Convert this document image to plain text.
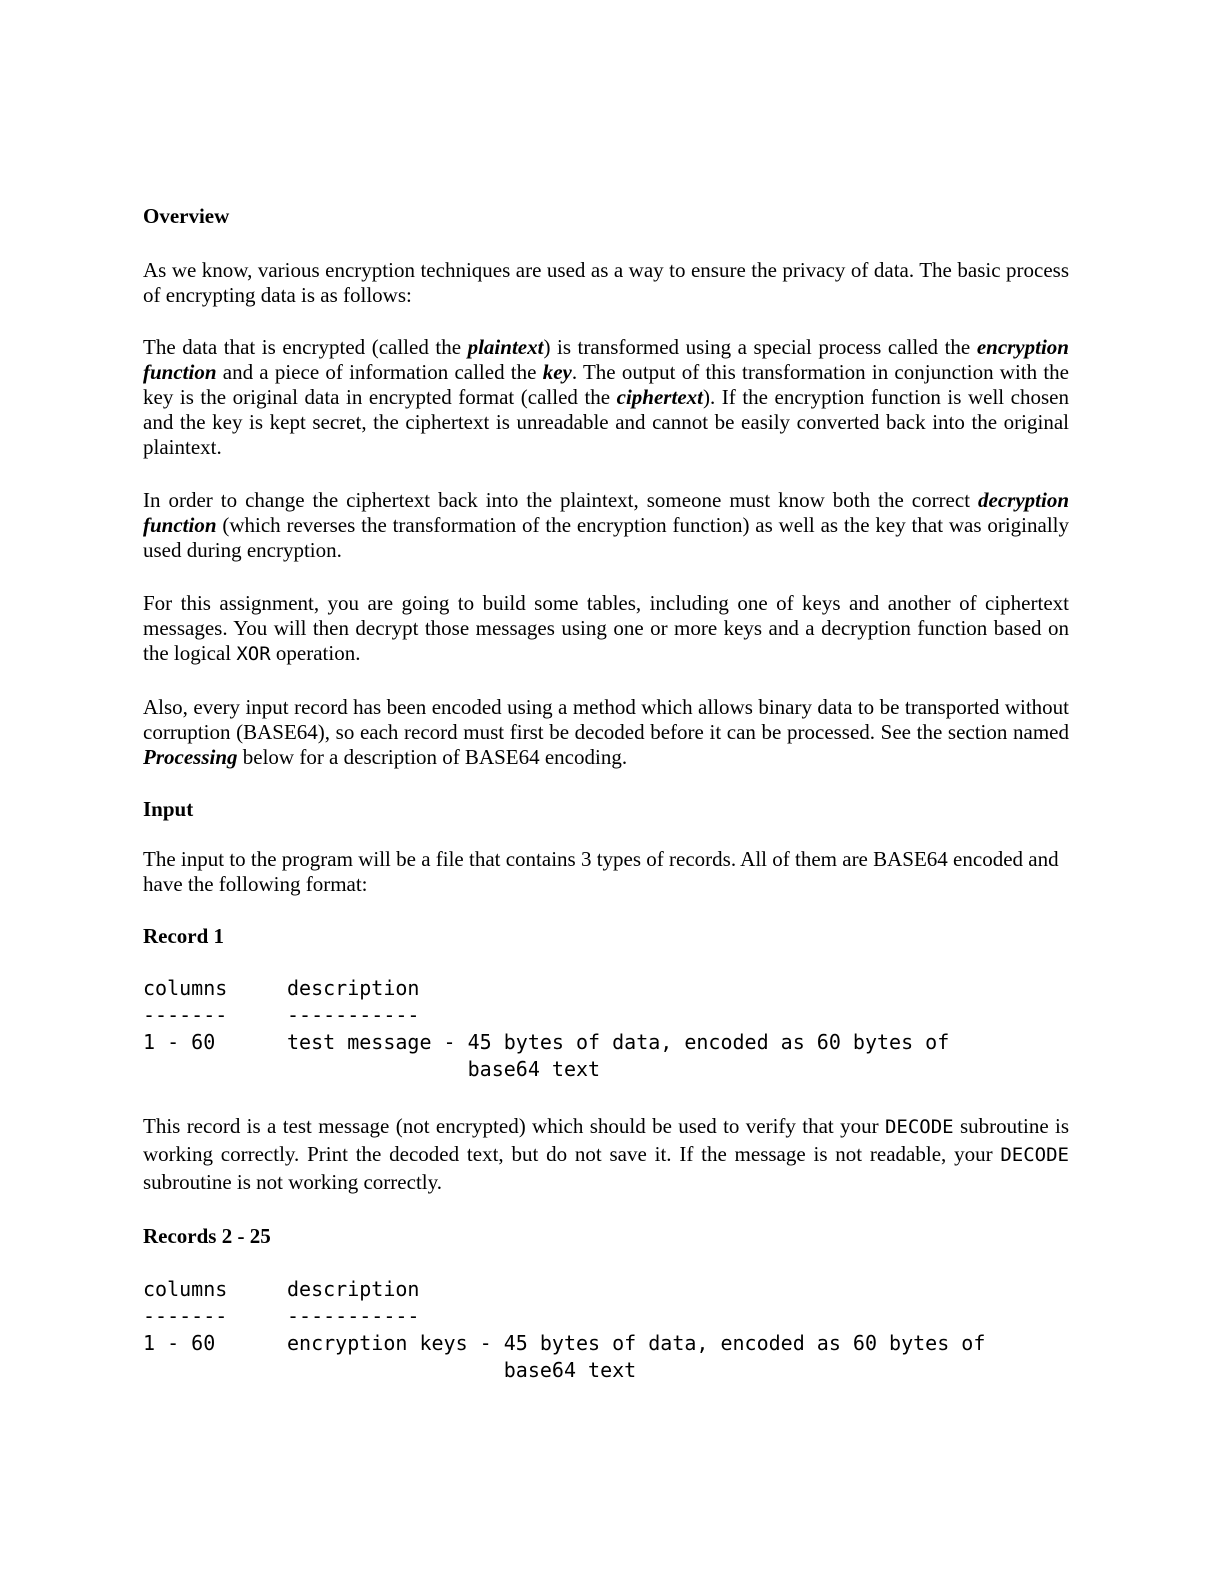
Overview

As we know, various encryption techniques are used as a way to ensure the privacy of data. The basic process of encrypting data is as follows:

The data that is encrypted (called the plaintext) is transformed using a special process called the encryption function and a piece of information called the key. The output of this transformation in conjunction with the key is the original data in encrypted format (called the ciphertext). If the encryption function is well chosen and the key is kept secret, the ciphertext is unreadable and cannot be easily converted back into the original plaintext.

In order to change the ciphertext back into the plaintext, someone must know both the correct decryption function (which reverses the transformation of the encryption function) as well as the key that was originally used during encryption.

For this assignment, you are going to build some tables, including one of keys and another of ciphertext messages. You will then decrypt those messages using one or more keys and a decryption function based on the logical XOR operation.

Also, every input record has been encoded using a method which allows binary data to be transported without corruption (BASE64), so each record must first be decoded before it can be processed. See the section named Processing below for a description of BASE64 encoding.

Input

The input to the program will be a file that contains 3 types of records. All of them are BASE64 encoded and have the following format:

Record 1
columns	description
-------	-----------
1 - 60	test message - 45 bytes of data, encoded as 60 bytes of
base64 text

This record is a test message (not encrypted) which should be used to verify that your DECODE subroutine is working correctly. Print the decoded text, but do not save it. If the message is not readable, your DECODE subroutine is not working correctly.

Records 2 - 25
columns	description
-------	-----------
1 - 60	encryption keys - 45 bytes of data, encoded as 60 bytes of
base64 text
